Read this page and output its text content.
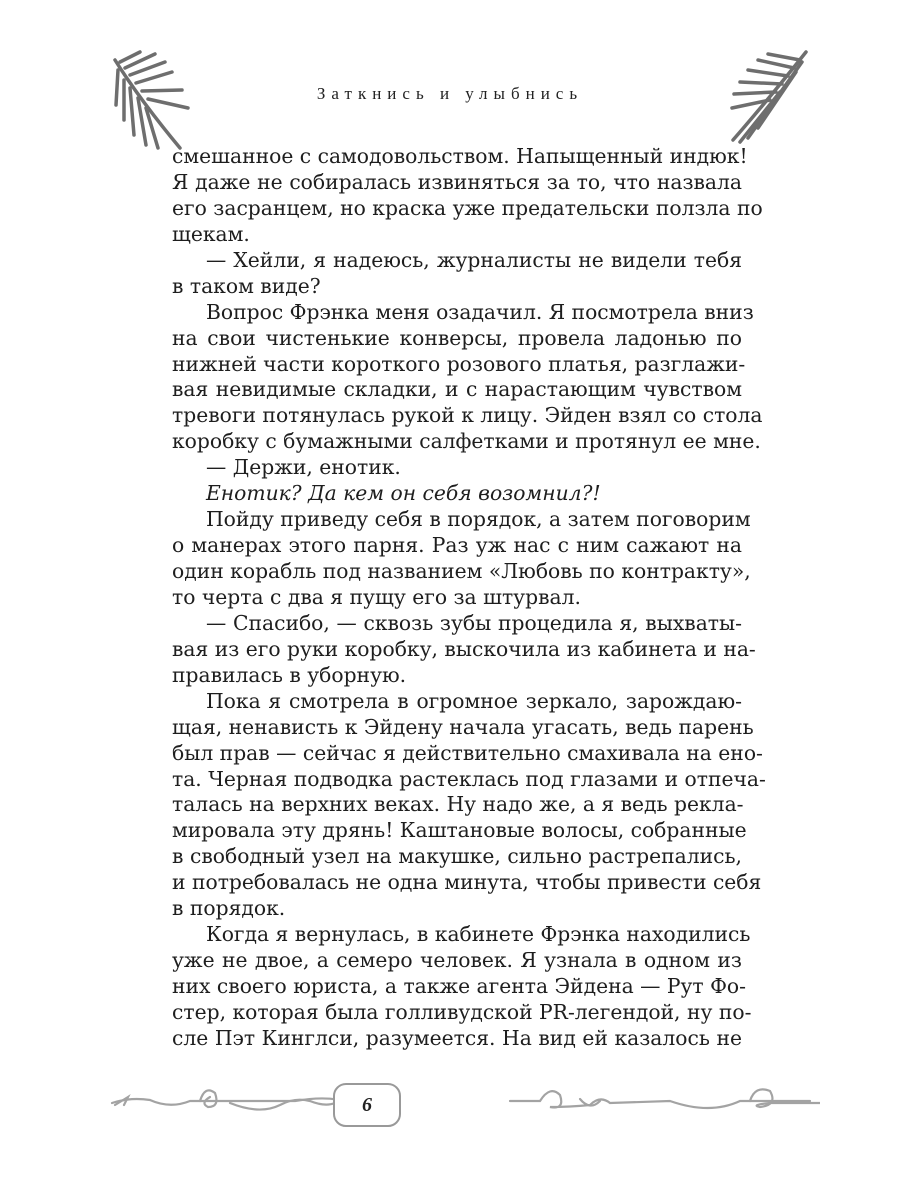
Заткнись и улыбнись
смешанное с самодовольством. Напыщенный индюк!
Я даже не собиралась извиняться за то, что назвала
его засранцем, но краска уже предательски ползла по
щекам.
— Хейли, я надеюсь, журналисты не видели тебя
в таком виде?
Вопрос Фрэнка меня озадачил. Я посмотрела вниз
на свои чистенькие конверсы, провела ладонью по
нижней части короткого розового платья, разглажи-
вая невидимые складки, и с нарастающим чувством
тревоги потянулась рукой к лицу. Эйден взял со стола
коробку с бумажными салфетками и протянул ее мне.
— Держи, енотик.
Енотик? Да кем он себя возомнил?!
Пойду приведу себя в порядок, а затем поговорим
о манерах этого парня. Раз уж нас с ним сажают на
один корабль под названием «Любовь по контракту»,
то черта с два я пущу его за штурвал.
— Спасибо, — сквозь зубы процедила я, выхваты-
вая из его руки коробку, выскочила из кабинета и на-
правилась в уборную.
Пока я смотрела в огромное зеркало, зарождаю-
щая, ненависть к Эйдену начала угасать, ведь парень
был прав — сейчас я действительно смахивала на ено-
та. Черная подводка растеклась под глазами и отпеча-
талась на верхних веках. Ну надо же, а я ведь рекла-
мировала эту дрянь! Каштановые волосы, собранные
в свободный узел на макушке, сильно растрепались,
и потребовалась не одна минута, чтобы привести себя
в порядок.
Когда я вернулась, в кабинете Фрэнка находились
уже не двое, а семеро человек. Я узнала в одном из
них своего юриста, а также агента Эйдена — Рут Фо-
стер, которая была голливудской PR-легендой, ну по-
сле Пэт Кинглси, разумеется. На вид ей казалось не
6
